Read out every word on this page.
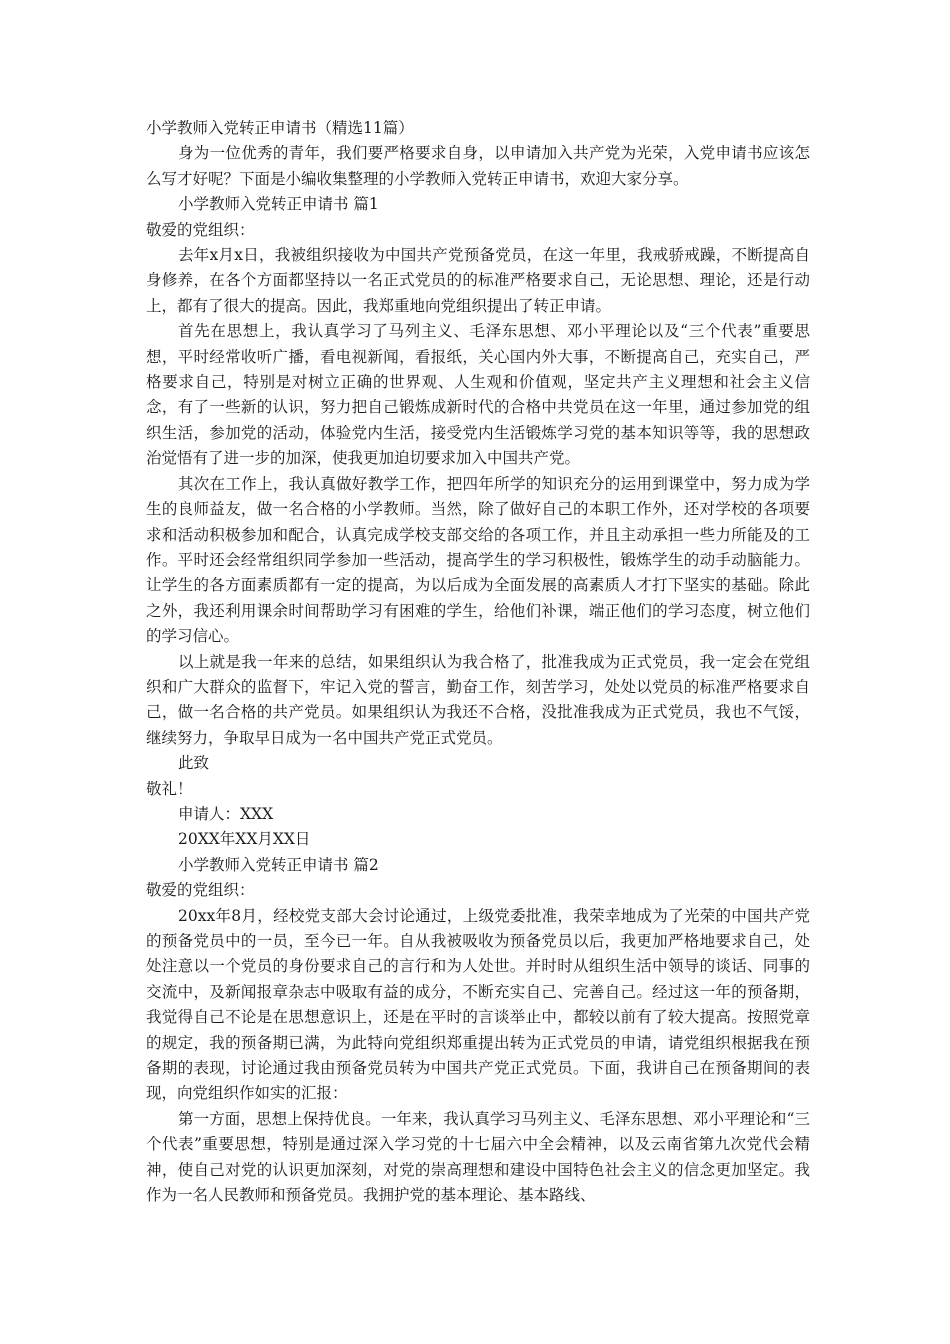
小学教师入党转正申请书（精选11篇）

身为一位优秀的青年，我们要严格要求自身，以申请加入共产党为光荣，入党申请书应该怎么写才好呢？下面是小编收集整理的小学教师入党转正申请书，欢迎大家分享。

小学教师入党转正申请书 篇1

敬爱的党组织：

去年x月x日，我被组织接收为中国共产党预备党员，在这一年里，我戒骄戒躁，不断提高自身修养，在各个方面都坚持以一名正式党员的的标准严格要求自己，无论思想、理论，还是行动上，都有了很大的提高。因此，我郑重地向党组织提出了转正申请。

首先在思想上，我认真学习了马列主义、毛泽东思想、邓小平理论以及“三个代表”重要思想，平时经常收听广播，看电视新闻，看报纸，关心国内外大事，不断提高自己，充实自己，严格要求自己，特别是对树立正确的世界观、人生观和价值观，坚定共产主义理想和社会主义信念，有了一些新的认识，努力把自己锻炼成新时代的合格中共党员在这一年里，通过参加党的组织生活，参加党的活动，体验党内生活，接受党内生活锻炼学习党的基本知识等等，我的思想政治觉悟有了进一步的加深，使我更加迫切要求加入中国共产党。

其次在工作上，我认真做好教学工作，把四年所学的知识充分的运用到课堂中，努力成为学生的良师益友，做一名合格的小学教师。当然，除了做好自己的本职工作外，还对学校的各项要求和活动积极参加和配合，认真完成学校支部交给的各项工作，并且主动承担一些力所能及的工作。平时还会经常组织同学参加一些活动，提高学生的学习积极性，锻炼学生的动手动脑能力。让学生的各方面素质都有一定的提高，为以后成为全面发展的高素质人才打下坚实的基础。除此之外，我还利用课余时间帮助学习有困难的学生，给他们补课，端正他们的学习态度，树立他们的学习信心。

以上就是我一年来的总结，如果组织认为我合格了，批准我成为正式党员，我一定会在党组织和广大群众的监督下，牢记入党的誓言，勤奋工作，刻苦学习，处处以党员的标准严格要求自己，做一名合格的共产党员。如果组织认为我还不合格，没批准我成为正式党员，我也不气馁，继续努力，争取早日成为一名中国共产党正式党员。

此致

敬礼！

申请人：XXX

20XX年XX月XX日

小学教师入党转正申请书 篇2

敬爱的党组织：

20xx年8月，经校党支部大会讨论通过，上级党委批准，我荣幸地成为了光荣的中国共产党的预备党员中的一员，至今已一年。自从我被吸收为预备党员以后，我更加严格地要求自己，处处注意以一个党员的身份要求自己的言行和为人处世。并时时从组织生活中领导的谈话、同事的交流中，及新闻报章杂志中吸取有益的成分，不断充实自己、完善自己。经过这一年的预备期，我觉得自己不论是在思想意识上，还是在平时的言谈举止中，都较以前有了较大提高。按照党章的规定，我的预备期已满，为此特向党组织郑重提出转为正式党员的申请，请党组织根据我在预备期的表现，讨论通过我由预备党员转为中国共产党正式党员。下面，我讲自己在预备期间的表现，向党组织作如实的汇报：

第一方面，思想上保持优良。一年来，我认真学习马列主义、毛泽东思想、邓小平理论和“三个代表”重要思想，特别是通过深入学习党的十七届六中全会精神，以及云南省第九次党代会精神，使自己对党的认识更加深刻，对党的崇高理想和建设中国特色社会主义的信念更加坚定。我作为一名人民教师和预备党员。我拥护党的基本理论、基本路线、
